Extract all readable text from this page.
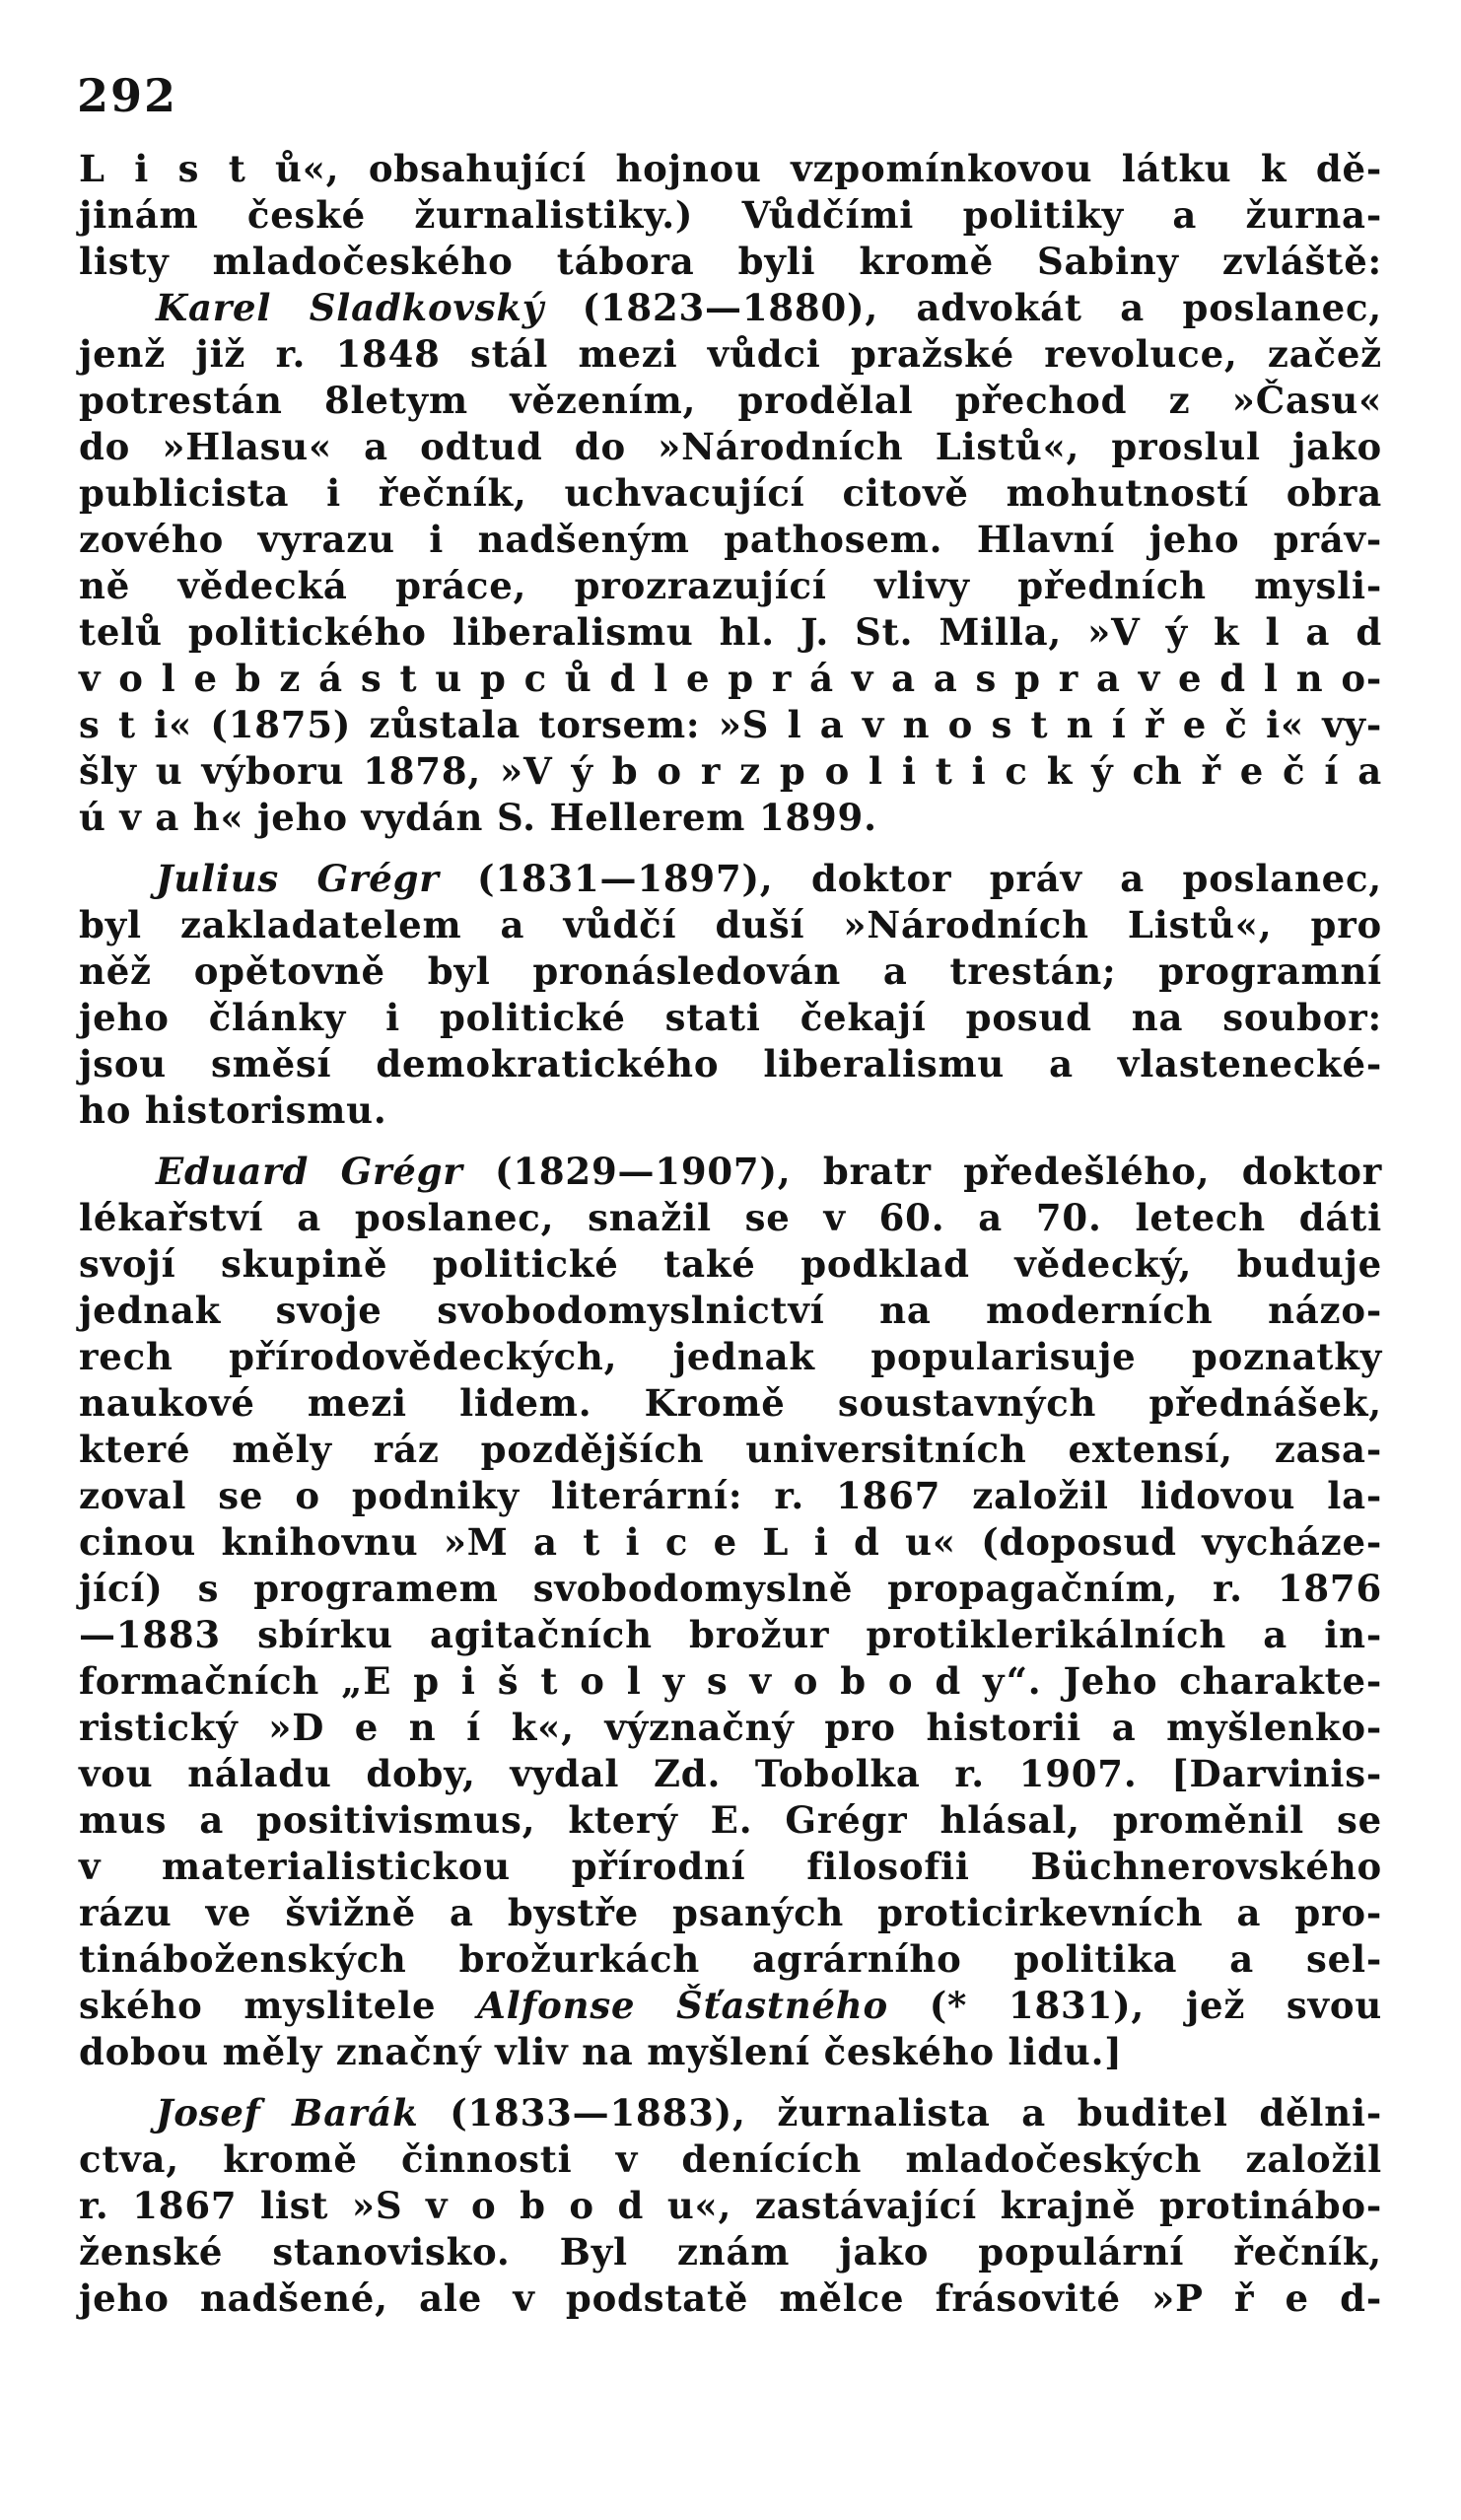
292
L i s t ů«, obsahující hojnou vzpomínkovou látku k dě-
jinám české žurnalistiky.) Vůdčími politiky a žurna-
listy mladočeského tábora byli kromě Sabiny zvláště:
Karel Sladkovský (1823—1880), advokát a poslanec,
jenž již r. 1848 stál mezi vůdci pražské revoluce, začež
potrestán 8letym vězením, prodělal přechod z »Času«
do »Hlasu« a odtud do »Národních Listů«, proslul jako
publicista i řečník, uchvacující citově mohutností obra
zového vyrazu i nadšeným pathosem. Hlavní jeho práv-
ně vědecká práce, prozrazující vlivy předních mysli-
telů politického liberalismu hl. J. St. Milla, »V ý k l a d
v o l e b z á s t u p c ů d l e p r á v a a s p r a v e d l n o-
s t i« (1875) zůstala torsem: »S l a v n o s t n í ř e č i« vy-
šly u výboru 1878, »V ý b o r z p o l i t i c k ý ch ř e č í a
ú v a h« jeho vydán S. Hellerem 1899.
Julius Grégr (1831—1897), doktor práv a poslanec,
byl zakladatelem a vůdčí duší »Národních Listů«, pro
něž opětovně byl pronásledován a trestán; programní
jeho články i politické stati čekají posud na soubor:
jsou směsí demokratického liberalismu a vlastenecké-
ho historismu.
Eduard Grégr (1829—1907), bratr předešlého, doktor
lékařství a poslanec, snažil se v 60. a 70. letech dáti
svojí skupině politické také podklad vědecký, buduje
jednak svoje svobodomyslnictví na moderních názo-
rech přírodovědeckých, jednak popularisuje poznatky
naukové mezi lidem. Kromě soustavných přednášek,
které měly ráz pozdějších universitních extensí, zasa-
zoval se o podniky literární: r. 1867 založil lidovou la-
cinou knihovnu »M a t i c e L i d u« (doposud vycháze-
jící) s programem svobodomyslně propagačním, r. 1876
—1883 sbírku agitačních brožur protiklerikálních a in-
formačních „E p i š t o l y s v o b o d y“. Jeho charakte-
ristický »D e n í k«, význačný pro historii a myšlenko-
vou náladu doby, vydal Zd. Tobolka r. 1907. [Darvinis-
mus a positivismus, který E. Grégr hlásal, proměnil se
v materialistickou přírodní filosofii Büchnerovského
rázu ve švižně a bystře psaných proticirkevních a pro-
tináboženských brožurkách agrárního politika a sel-
ského myslitele Alfonse Šťastného (* 1831), jež svou
dobou měly značný vliv na myšlení českého lidu.]
Josef Barák (1833—1883), žurnalista a buditel dělni-
ctva, kromě činnosti v denících mladočeských založil
r. 1867 list »S v o b o d u«, zastávající krajně protinábo-
ženské stanovisko. Byl znám jako populární řečník,
jeho nadšené, ale v podstatě mělce frásovité »P ř e d-
